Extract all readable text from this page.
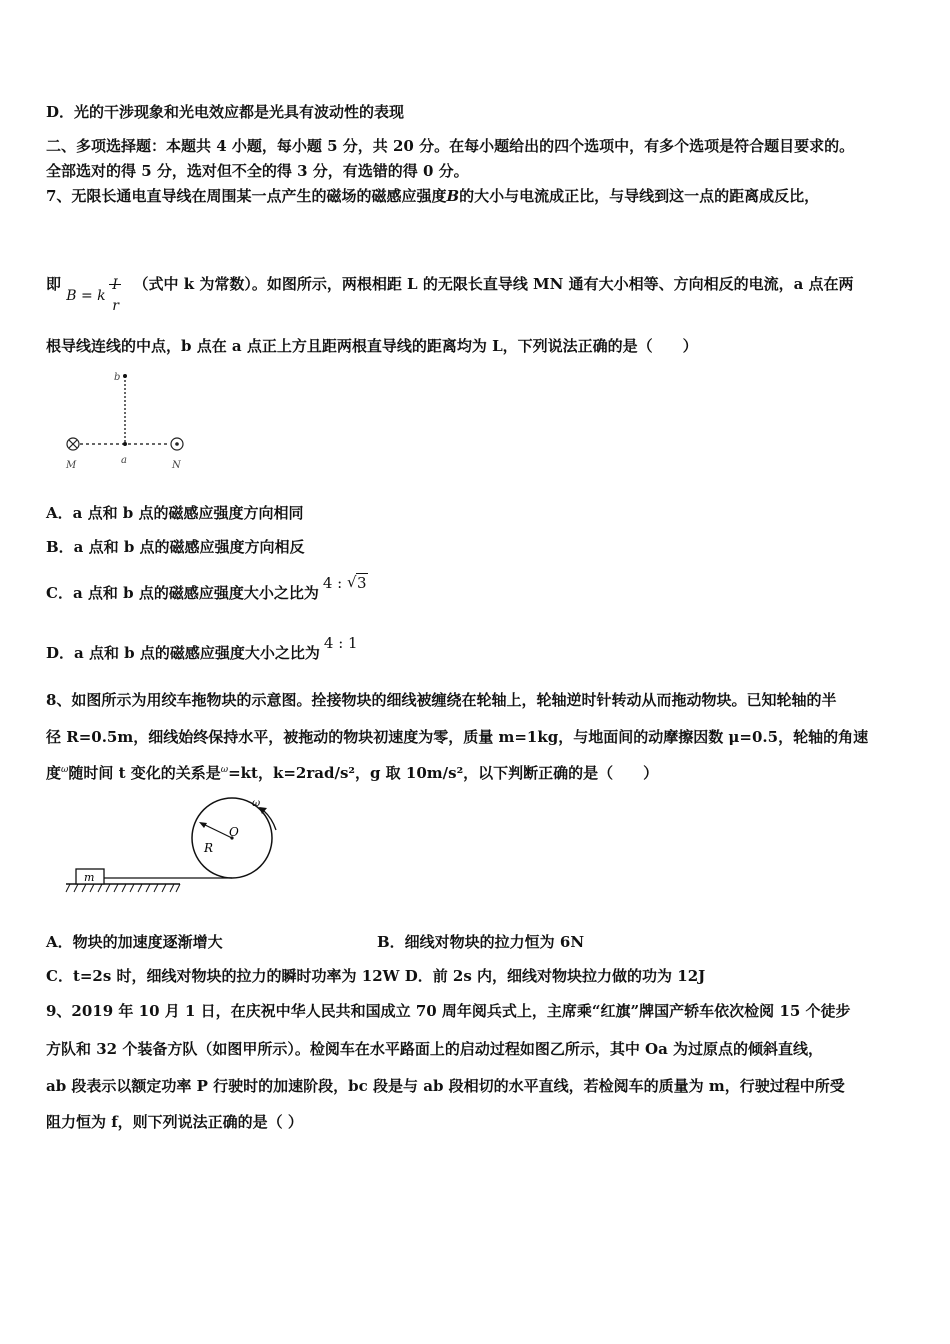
D．光的干涉现象和光电效应都是光具有波动性的表现
二、多项选择题：本题共 4 小题，每小题 5 分，共 20 分。在每小题给出的四个选项中，有多个选项是符合题目要求的。
全部选对的得 5 分，选对但不全的得 3 分，有选错的得 0 分。
7、无限长通电直导线在周围某一点产生的磁场的磁感应强度B的大小与电流成正比，与导线到这一点的距离成反比，
即
B = k
I
r
（式中 k 为常数）。如图所示，两根相距 L 的无限长直导线 MN 通有大小相等、方向相反的电流，a 点在两
根导线连线的中点，b 点在 a 点正上方且距两根直导线的距离均为 L，下列说法正确的是（　　）
b
a
M	N
A．a 点和 b 点的磁感应强度方向相同
B．a 点和 b 点的磁感应强度方向相反
C．a 点和 b 点的磁感应强度大小之比为4 : √ 3
D．a 点和 b 点的磁感应强度大小之比为4 : 1
8、如图所示为用绞车拖物块的示意图。拴接物块的细线被缠绕在轮轴上，轮轴逆时针转动从而拖动物块。已知轮轴的半
径 R=0.5m，细线始终保持水平，被拖动的物块初速度为零，质量 m=1kg，与地面间的动摩擦因数 μ=0.5，轮轴的角速
度ω随时间 t 变化的关系是ω=kt，k=2rad/s²，g 取 10m/s²，以下判断正确的是（　　）
m
O
R
ω
A．物块的加速度逐渐增大	B．细线对物块的拉力恒为 6N
C．t=2s 时，细线对物块的拉力的瞬时功率为 12W D．前 2s 内，细线对物块拉力做的功为 12J
9、2019 年 10 月 1 日，在庆祝中华人民共和国成立 70 周年阅兵式上，主席乘“红旗”牌国产轿车依次检阅 15 个徒步
方队和 32 个装备方队（如图甲所示）。检阅车在水平路面上的启动过程如图乙所示，其中 Oa 为过原点的倾斜直线，
ab 段表示以额定功率 P 行驶时的加速阶段，bc 段是与 ab 段相切的水平直线，若检阅车的质量为 m，行驶过程中所受
阻力恒为 f，则下列说法正确的是（ ）
